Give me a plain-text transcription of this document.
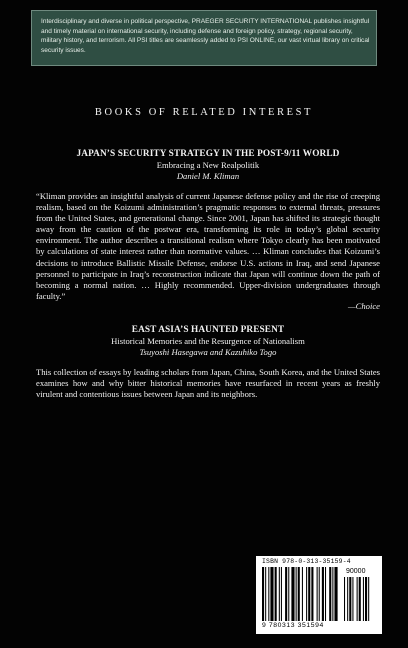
Interdisciplinary and diverse in political perspective, PRAEGER SECURITY INTERNATIONAL publishes insightful and timely material on international security, including defense and foreign policy, strategy, regional security, military history, and terrorism. All PSI titles are seamlessly added to PSI ONLINE, our vast virtual library on critical security issues.
BOOKS OF RELATED INTEREST
JAPAN’S SECURITY STRATEGY IN THE POST-9/11 WORLD
Embracing a New Realpolitik
Daniel M. Kliman
“Kliman provides an insightful analysis of current Japanese defense policy and the rise of creeping realism, based on the Koizumi administration’s pragmatic responses to external threats, pressures from the United States, and generational change. Since 2001, Japan has shifted its strategic thought away from the caution of the postwar era, transforming its role in today’s global security environment. The author describes a transitional realism where Tokyo clearly has been motivated by calculations of state interest rather than normative values. … Kliman concludes that Koizumi’s decisions to introduce Ballistic Missile Defense, endorse U.S. actions in Iraq, and send Japanese personnel to participate in Iraq’s reconstruction indicate that Japan will continue down the path of becoming a normal nation. … Highly recommended. Upper-division undergraduates through faculty.”
—Choice
EAST ASIA’S HAUNTED PRESENT
Historical Memories and the Resurgence of Nationalism
Tsuyoshi Hasegawa and Kazuhiko Togo
This collection of essays by leading scholars from Japan, China, South Korea, and the United States examines how and why bitter historical memories have resurfaced in recent years as freshly virulent and contentious issues between Japan and its neighbors.
ISBN 978-0-313-35159-4
90000
9 780313 351594
